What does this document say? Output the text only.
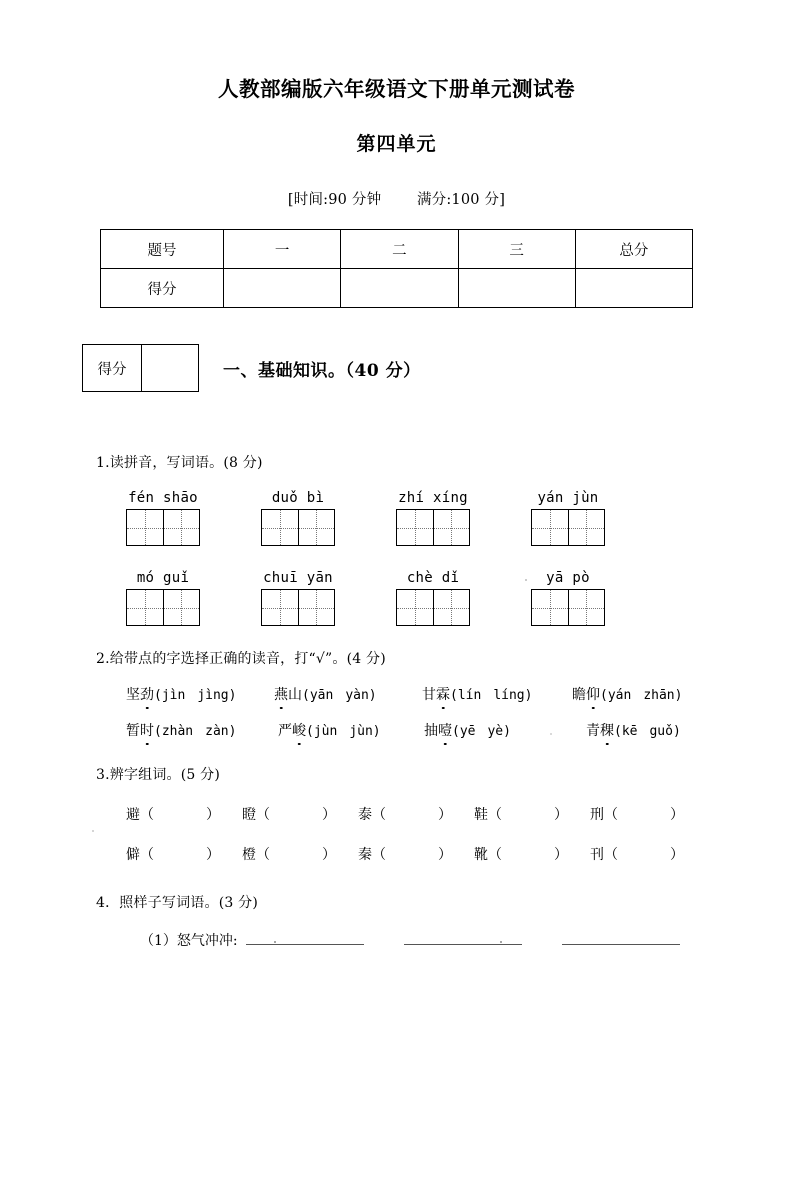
人教部编版六年级语文下册单元测试卷
第四单元
[时间:90 分钟 满分:100 分]
题号	一	二	三	总分
得分				
得分	一、基础知识。（40 分）
1.读拼音，写词语。(8 分)
fén shāo	duǒ bì	zhí xíng	yán jùn
mó guǐ	chuī yān	chè dǐ	yā pò
2.给带点的字选择正确的读音，打“√”。(4 分)
坚劲(jìn jìng)	燕山(yān yàn)	甘霖(lín líng)	瞻仰(yán zhān)
暂时(zhàn zàn)	严峻(jùn jùn)	抽噎(yē yè)	青稞(kē guǒ)
3.辨字组词。(5 分)
避（	）	瞪（	）	泰（	）	鞋（	）	刑（	）
僻（	）	橙（	）	秦（	）	靴（	）	刊（	）
4．照样子写词语。(3 分)
（1） 怒气冲冲:
